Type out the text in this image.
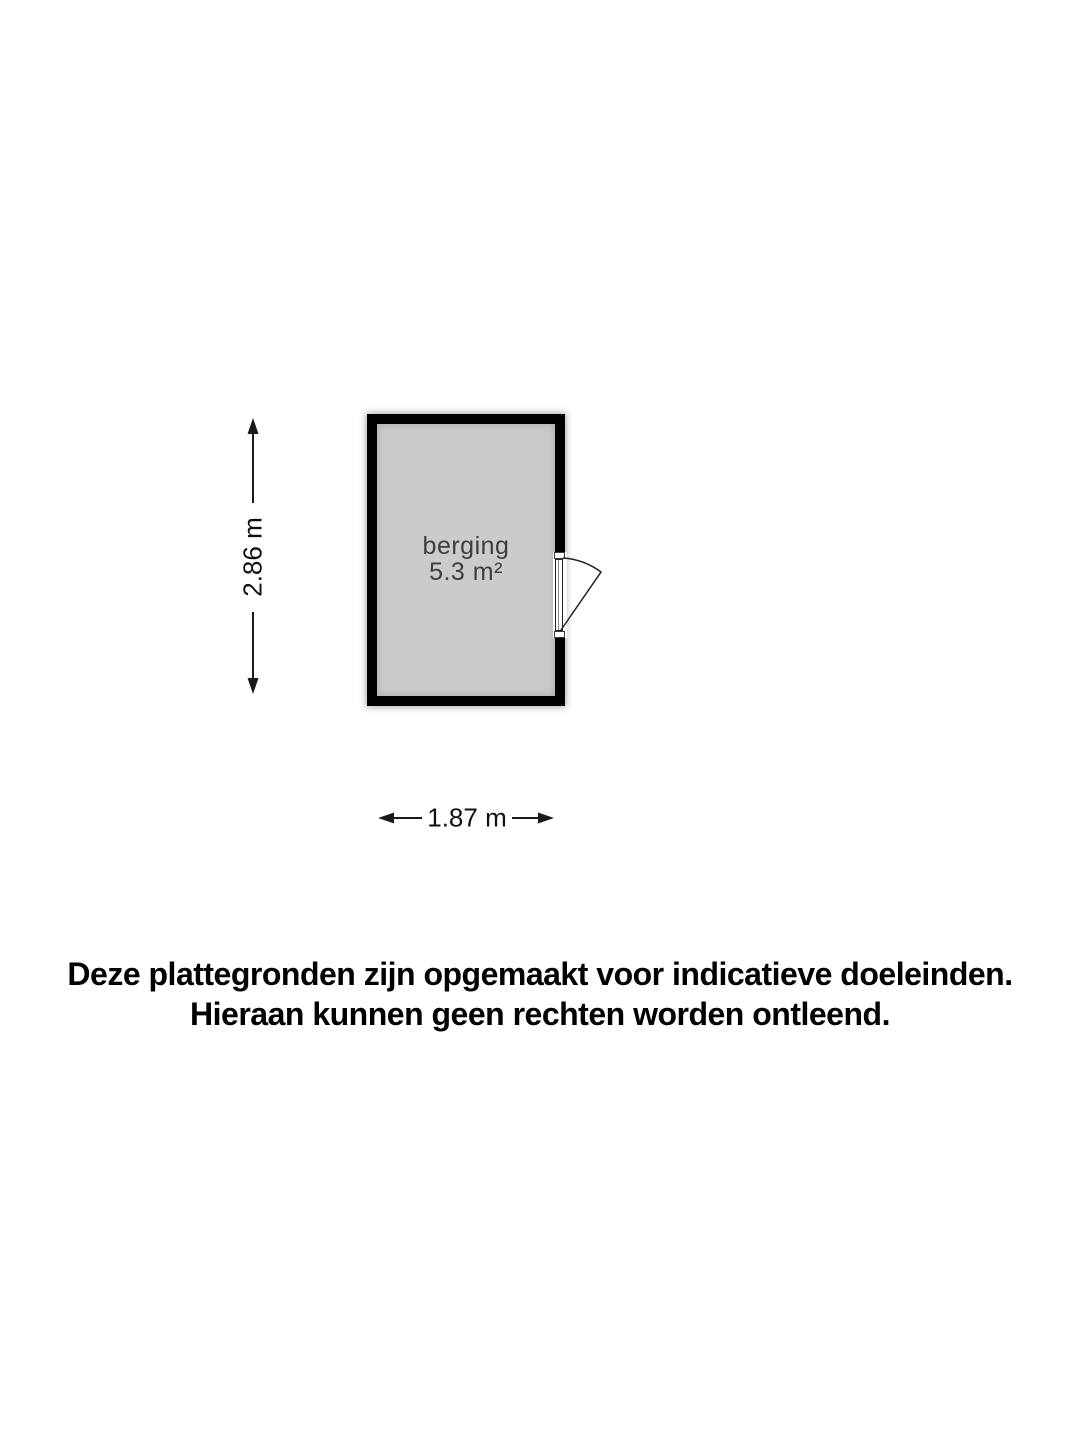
berging
5.3 m²
2.86 m
1.87 m
Deze plattegronden zijn opgemaakt voor indicatieve doeleinden.
Hieraan kunnen geen rechten worden ontleend.
